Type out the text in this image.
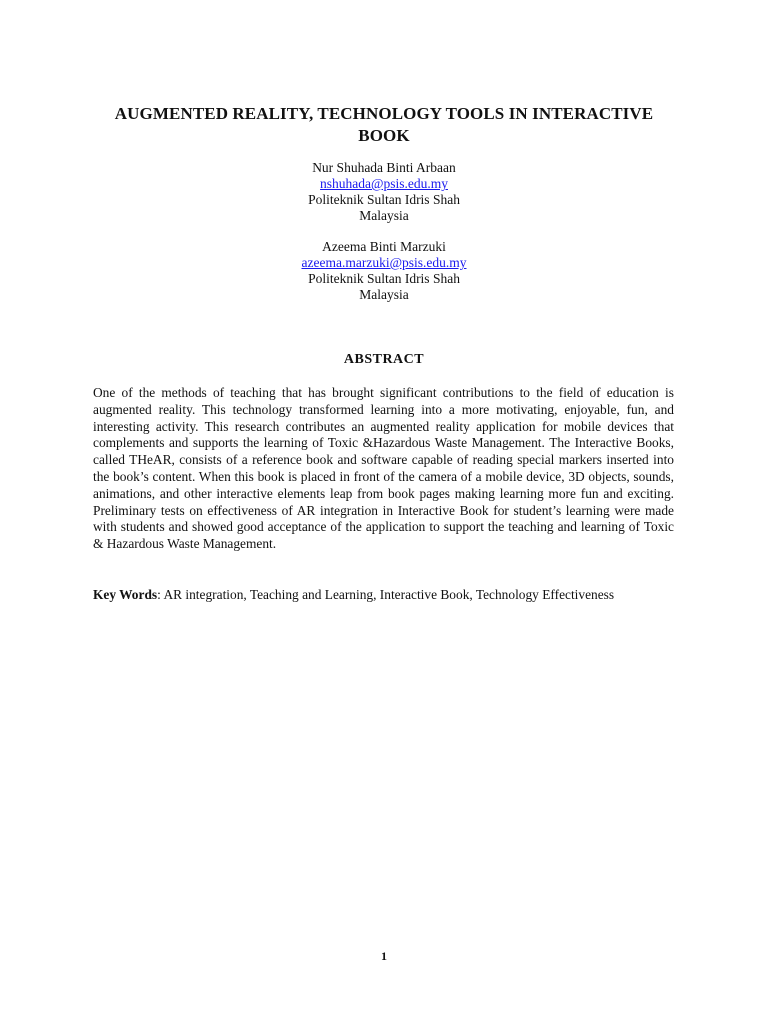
AUGMENTED REALITY, TECHNOLOGY TOOLS IN INTERACTIVE BOOK
Nur Shuhada Binti Arbaan
nshuhada@psis.edu.my
Politeknik Sultan Idris Shah
Malaysia
Azeema Binti Marzuki
azeema.marzuki@psis.edu.my
Politeknik Sultan Idris Shah
Malaysia
ABSTRACT
One of the methods of teaching that has brought significant contributions to the field of education is augmented reality. This technology transformed learning into a more motivating, enjoyable, fun, and interesting activity. This research contributes an augmented reality application for mobile devices that complements and supports the learning of Toxic &Hazardous Waste Management. The Interactive Books, called THeAR, consists of a reference book and software capable of reading special markers inserted into the book’s content. When this book is placed in front of the camera of a mobile device, 3D objects, sounds, animations, and other interactive elements leap from book pages making learning more fun and exciting. Preliminary tests on effectiveness of AR integration in Interactive Book for student’s learning were made with students and showed good acceptance of the application to support the teaching and learning of Toxic & Hazardous Waste Management.
Key Words: AR integration, Teaching and Learning, Interactive Book, Technology Effectiveness
1
